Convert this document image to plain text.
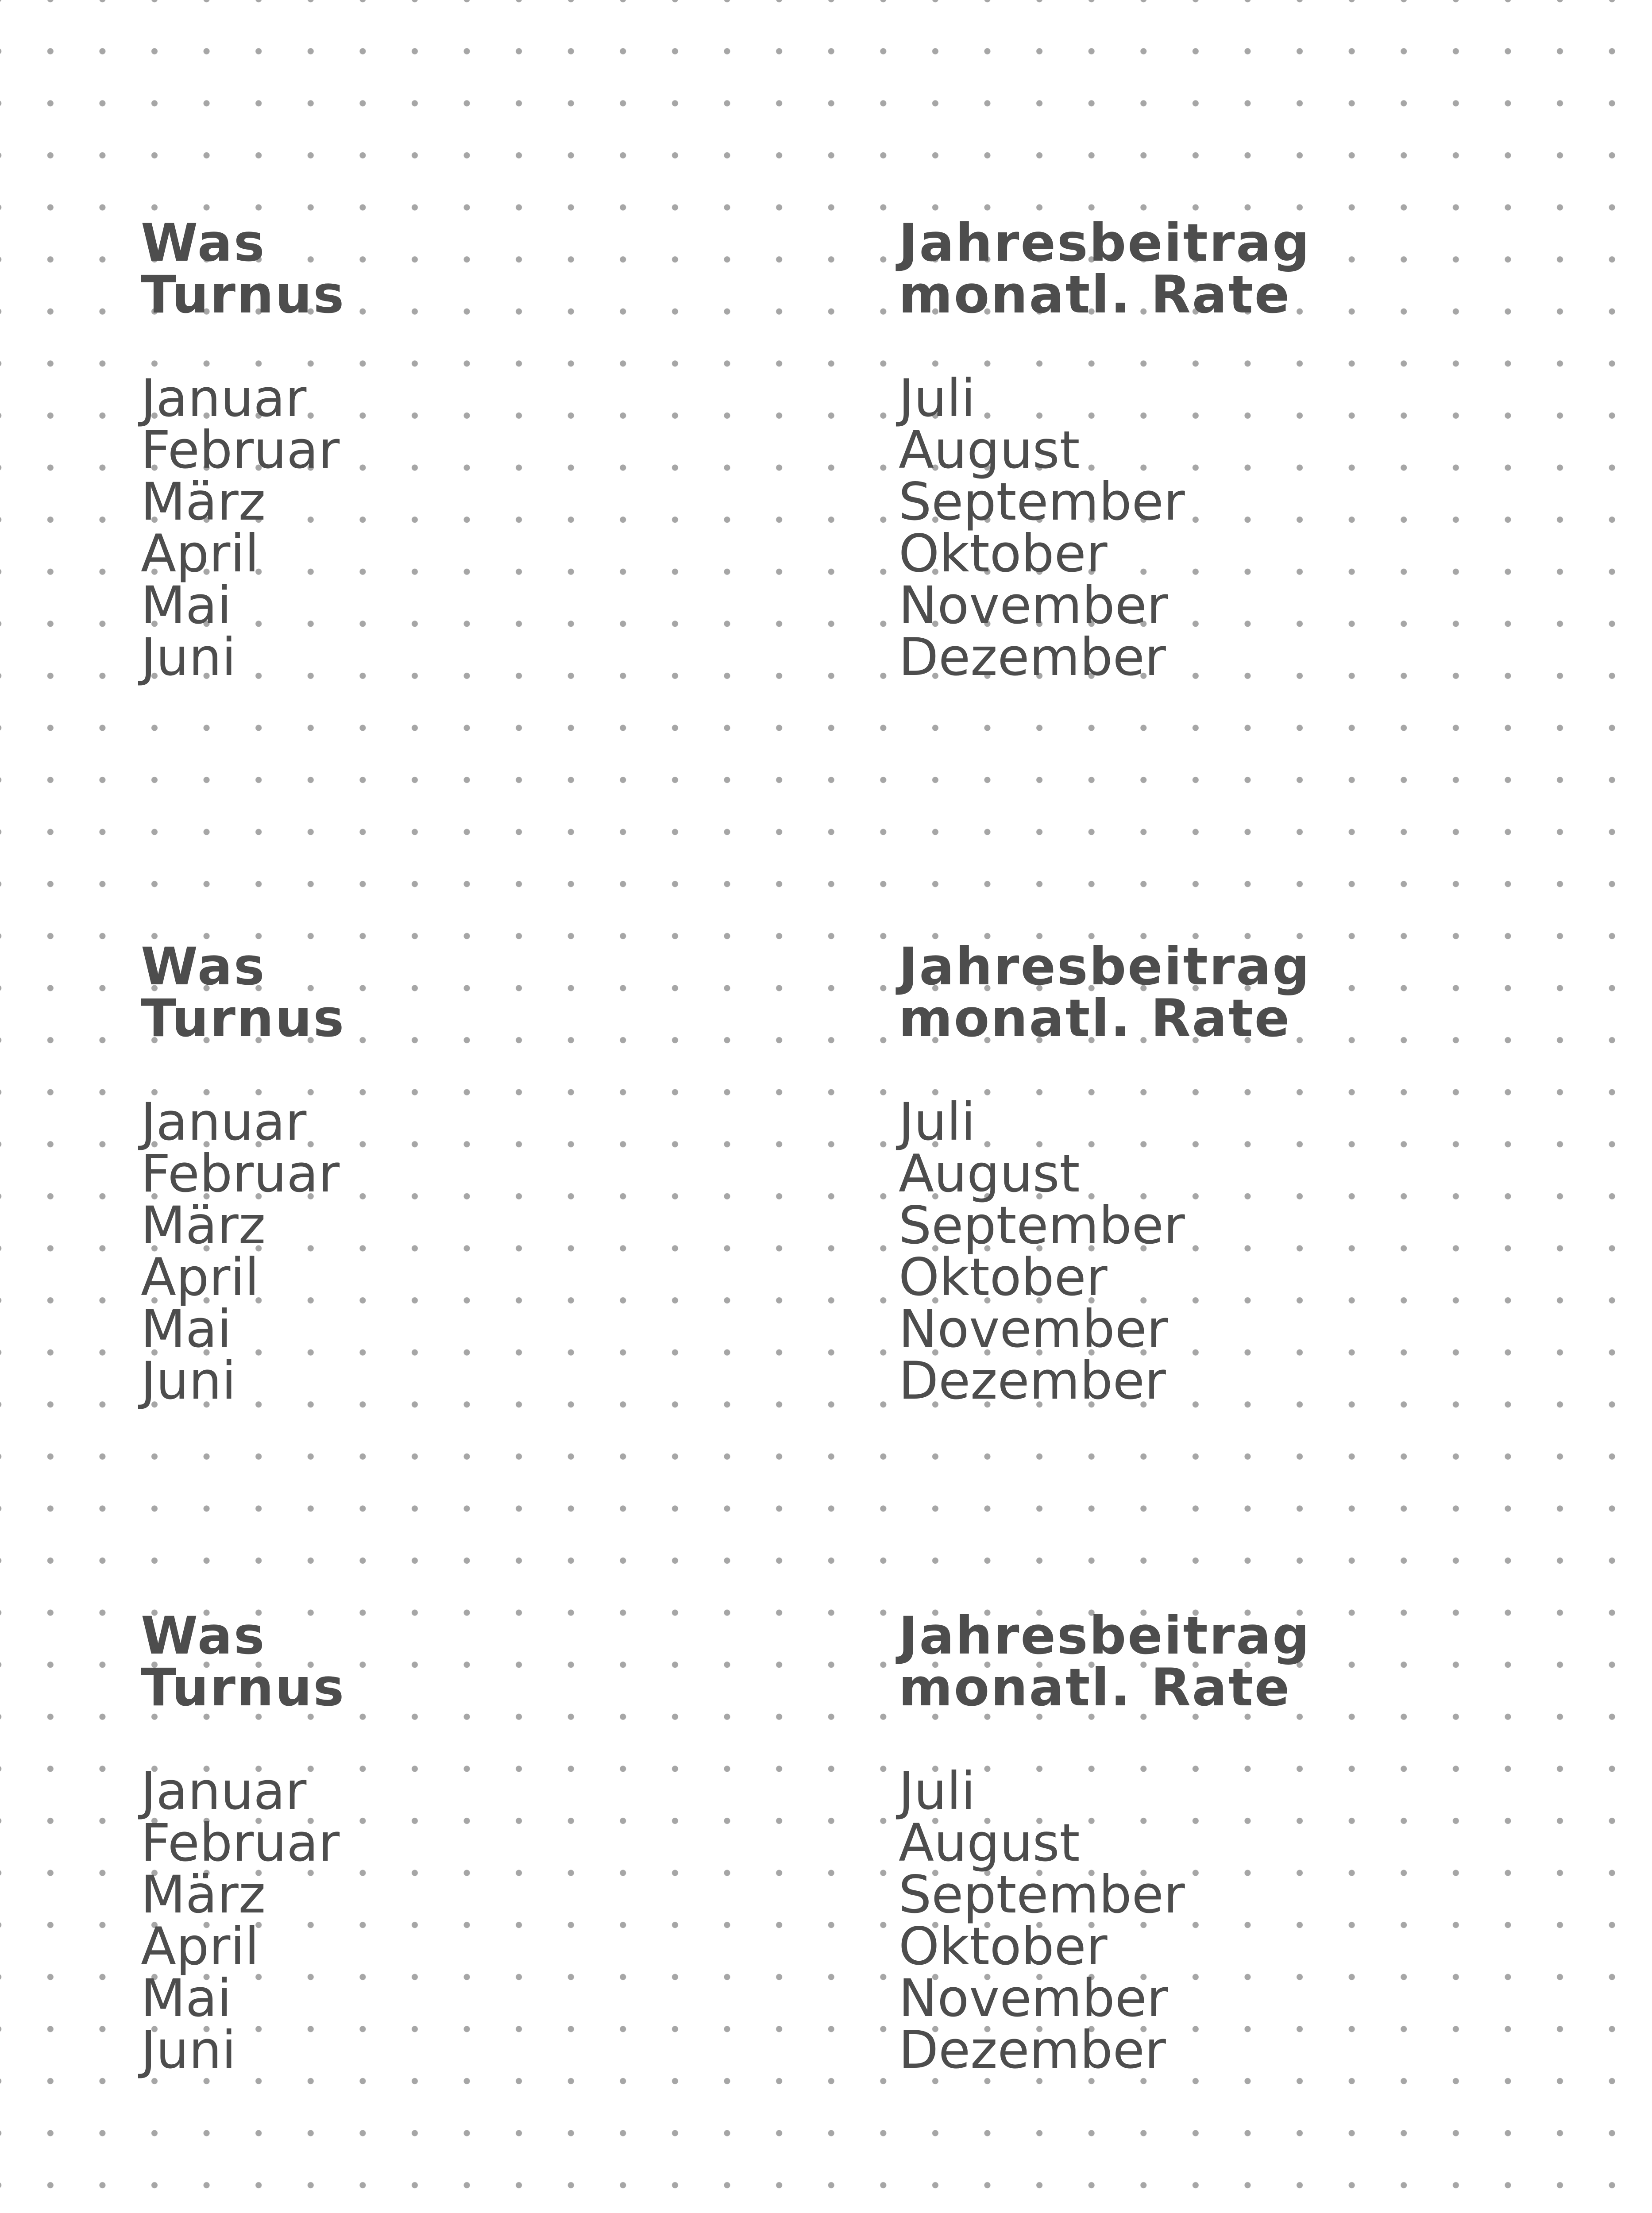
Was
Turnus
Januar
Februar
März
April
Mai
Juni
Jahresbeitrag
monatl. Rate
Juli
August
September
Oktober
November
Dezember
Was
Turnus
Januar
Februar
März
April
Mai
Juni
Jahresbeitrag
monatl. Rate
Juli
August
September
Oktober
November
Dezember
Was
Turnus
Januar
Februar
März
April
Mai
Juni
Jahresbeitrag
monatl. Rate
Juli
August
September
Oktober
November
Dezember
